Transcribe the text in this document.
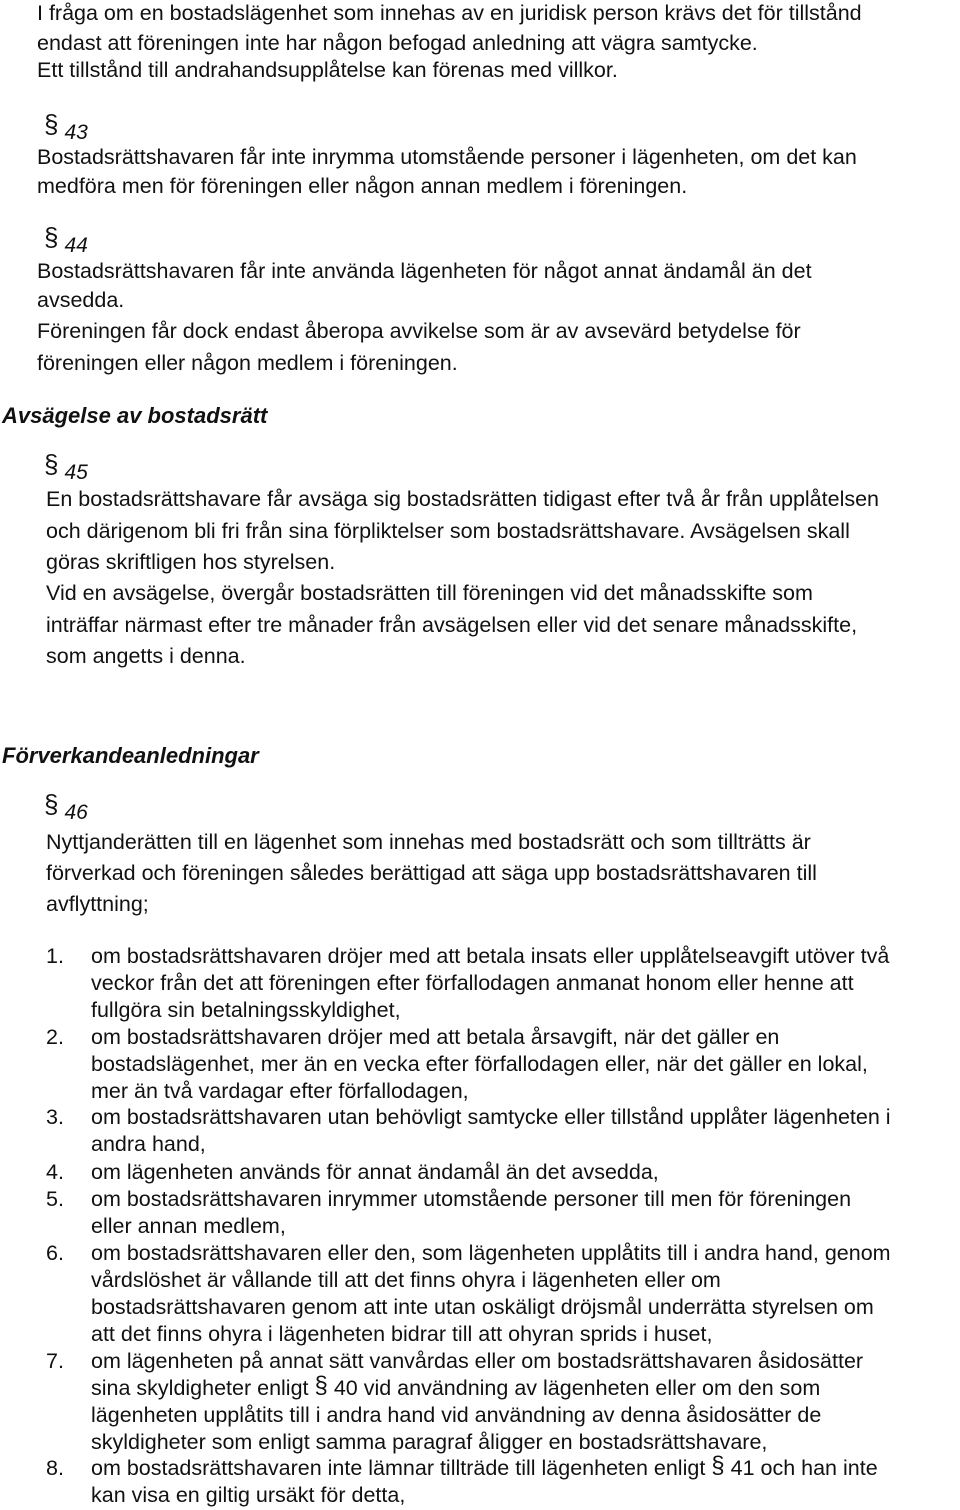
I fråga om en bostadslägenhet som innehas av en juridisk person krävs det för tillstånd
endast att föreningen inte har någon befogad anledning att vägra samtycke.
Ett tillstånd till andrahandsupplåtelse kan förenas med villkor.
§ 43
Bostadsrättshavaren får inte inrymma utomstående personer i lägenheten, om det kan
medföra men för föreningen eller någon annan medlem i föreningen.
§ 44
Bostadsrättshavaren får inte använda lägenheten för något annat ändamål än det
avsedda.
Föreningen får dock endast åberopa avvikelse som är av avsevärd betydelse för
föreningen eller någon medlem i föreningen.
Avsägelse av bostadsrätt
§ 45
En bostadsrättshavare får avsäga sig bostadsrätten tidigast efter två år från upplåtelsen
och därigenom bli fri från sina förpliktelser som bostadsrättshavare. Avsägelsen skall
göras skriftligen hos styrelsen.
Vid en avsägelse, övergår bostadsrätten till föreningen vid det månadsskifte som
inträffar närmast efter tre månader från avsägelsen eller vid det senare månadsskifte,
som angetts i denna.
Förverkandeanledningar
§ 46
Nyttjanderätten till en lägenhet som innehas med bostadsrätt och som tillträtts är
förverkad och föreningen således berättigad att säga upp bostadsrättshavaren till
avflyttning;
1. om bostadsrättshavaren dröjer med att betala insats eller upplåtelseavgift utöver två
veckor från det att föreningen efter förfallodagen anmanat honom eller henne att
fullgöra sin betalningsskyldighet,
2. om bostadsrättshavaren dröjer med att betala årsavgift, när det gäller en
bostadslägenhet, mer än en vecka efter förfallodagen eller, när det gäller en lokal,
mer än två vardagar efter förfallodagen,
3. om bostadsrättshavaren utan behövligt samtycke eller tillstånd upplåter lägenheten i
andra hand,
4. om lägenheten används för annat ändamål än det avsedda,
5. om bostadsrättshavaren inrymmer utomstående personer till men för föreningen
eller annan medlem,
6. om bostadsrättshavaren eller den, som lägenheten upplåtits till i andra hand, genom
vårdslöshet är vållande till att det finns ohyra i lägenheten eller om
bostadsrättshavaren genom att inte utan oskäligt dröjsmål underrätta styrelsen om
att det finns ohyra i lägenheten bidrar till att ohyran sprids i huset,
7. om lägenheten på annat sätt vanvårdas eller om bostadsrättshavaren åsidosätter
sina skyldigheter enligt § 40 vid användning av lägenheten eller om den som
lägenheten upplåtits till i andra hand vid användning av denna åsidosätter de
skyldigheter som enligt samma paragraf åligger en bostadsrättshavare,
8. om bostadsrättshavaren inte lämnar tillträde till lägenheten enligt § 41 och han inte
kan visa en giltig ursäkt för detta,
